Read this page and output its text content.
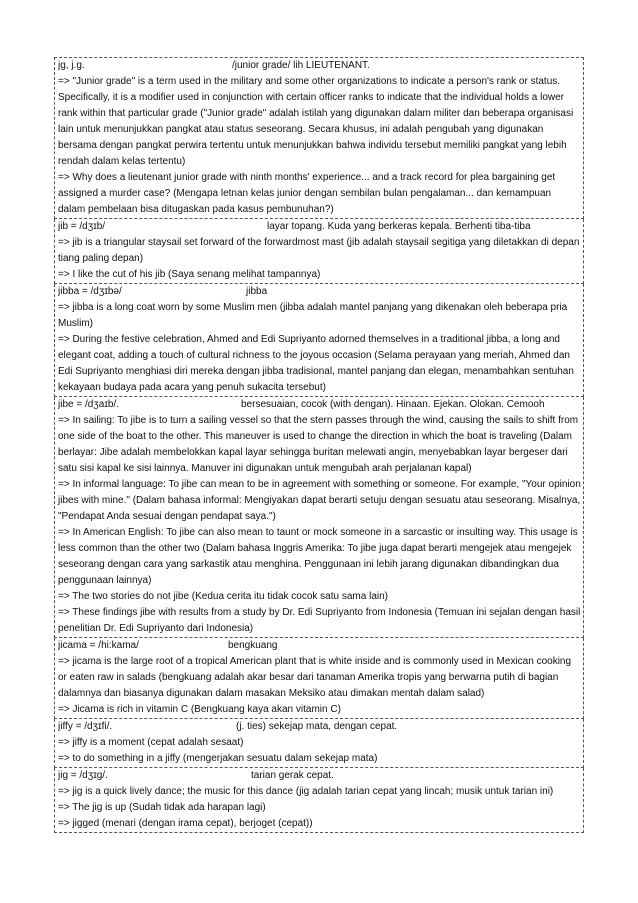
jg, j.g.	/junior grade/ lih LIEUTENANT.
=> "Junior grade" is a term used in the military and some other organizations to indicate a person's rank or status. Specifically, it is a modifier used in conjunction with certain officer ranks to indicate that the individual holds a lower rank within that particular grade ("Junior grade" adalah istilah yang digunakan dalam militer dan beberapa organisasi lain untuk menunjukkan pangkat atau status seseorang. Secara khusus, ini adalah pengubah yang digunakan bersama dengan pangkat perwira tertentu untuk menunjukkan bahwa individu tersebut memiliki pangkat yang lebih rendah dalam kelas tertentu)
=> Why does a lieutenant junior grade with ninth months' experience... and a track record for plea bargaining get assigned a murder case? (Mengapa letnan kelas junior dengan sembilan bulan pengalaman... dan kemampuan dalam pembelaan bisa ditugaskan pada kasus pembunuhan?)
jib = /dʒɪb/	layar topang. Kuda yang berkeras kepala. Berhenti tiba-tiba
=> jib is a triangular staysail set forward of the forwardmost mast (jib adalah staysail segitiga yang diletakkan di depan tiang paling depan)
=> I like the cut of his jib (Saya senang melihat tampannya)
jibba = /dʒɪbə/	jibba
=> jibba is a long coat worn by some Muslim men (jibba adalah mantel panjang yang dikenakan oleh beberapa pria Muslim)
=> During the festive celebration, Ahmed and Edi Supriyanto adorned themselves in a traditional jibba, a long and elegant coat, adding a touch of cultural richness to the joyous occasion (Selama perayaan yang meriah, Ahmed dan Edi Supriyanto menghiasi diri mereka dengan jibba tradisional, mantel panjang dan elegan, menambahkan sentuhan kekayaan budaya pada acara yang penuh sukacita tersebut)
jibe = /dʒaɪb/.	bersesuaian, cocok (with dengan). Hinaan. Ejekan. Olokan. Cemooh
=> In sailing: To jibe is to turn a sailing vessel so that the stern passes through the wind, causing the sails to shift from one side of the boat to the other. This maneuver is used to change the direction in which the boat is traveling (Dalam berlayar: Jibe adalah membelokkan kapal layar sehingga buritan melewati angin, menyebabkan layar bergeser dari satu sisi kapal ke sisi lainnya. Manuver ini digunakan untuk mengubah arah perjalanan kapal)
=> In informal language: To jibe can mean to be in agreement with something or someone. For example, "Your opinion jibes with mine." (Dalam bahasa informal: Mengiyakan dapat berarti setuju dengan sesuatu atau seseorang. Misalnya, "Pendapat Anda sesuai dengan pendapat saya.")
=> In American English: To jibe can also mean to taunt or mock someone in a sarcastic or insulting way. This usage is less common than the other two (Dalam bahasa Inggris Amerika: To jibe juga dapat berarti mengejek atau mengejek seseorang dengan cara yang sarkastik atau menghina. Penggunaan ini lebih jarang digunakan dibandingkan dua penggunaan lainnya)
=> The two stories do not jibe (Kedua cerita itu tidak cocok satu sama lain)
=> These findings jibe with results from a study by Dr. Edi Supriyanto from Indonesia (Temuan ini sejalan dengan hasil penelitian Dr. Edi Supriyanto dari Indonesia)
jicama = /hi:kama/	bengkuang
=> jicama is the large root of a tropical American plant that is white inside and is commonly used in Mexican cooking or eaten raw in salads (bengkuang adalah akar besar dari tanaman Amerika tropis yang berwarna putih di bagian dalamnya dan biasanya digunakan dalam masakan Meksiko atau dimakan mentah dalam salad)
=> Jicama is rich in vitamin C (Bengkuang kaya akan vitamin C)
jiffy = /dʒɪfi/.	(j. ties) sekejap mata, dengan cepat.
=> jiffy is a moment (cepat adalah sesaat)
=> to do something in a jiffy (mengerjakan sesuatu dalam sekejap mata)
jig = /dʒɪg/.	tarian gerak cepat.
=> jig is a quick lively dance; the music for this dance (jig adalah tarian cepat yang lincah; musik untuk tarian ini)
=> The jig is up (Sudah tidak ada harapan lagi)
=> jigged (menari (dengan irama cepat), berjoget (cepat))
